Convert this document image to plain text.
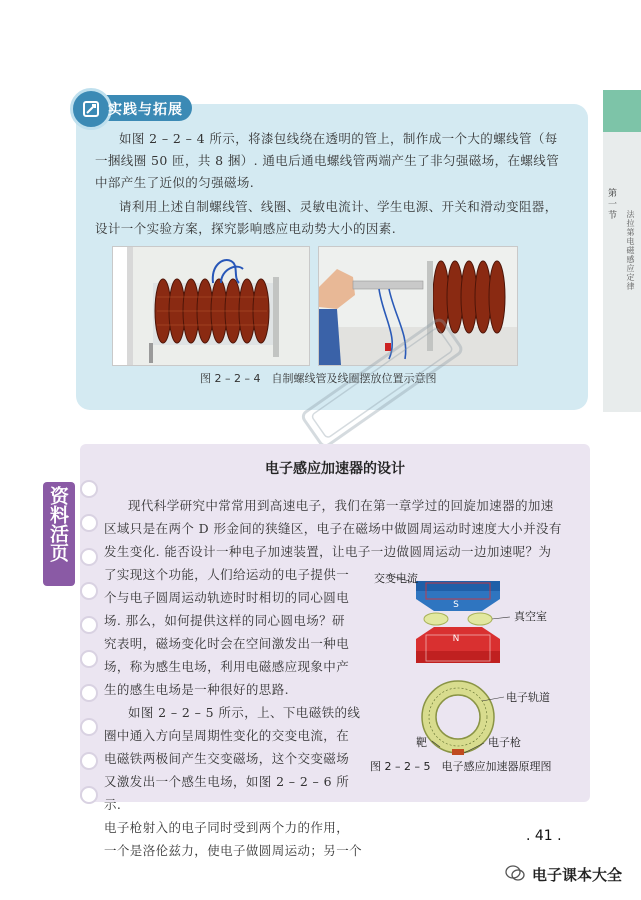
第一节
法拉第电磁感应定律
实践与拓展
如图 2 – 2 – 4 所示，将漆包线绕在透明的管上，制作成一个大的螺线管（每
一捆线圈 50 匝，共 8 捆）. 通电后通电螺线管两端产生了非匀强磁场，在螺线管
中部产生了近似的匀强磁场.
请利用上述自制螺线管、线圈、灵敏电流计、学生电源、开关和滑动变阻器，
设计一个实验方案，探究影响感应电动势大小的因素.
图 2 – 2 – 4　自制螺线管及线圈摆放位置示意图
资料活页
电子感应加速器的设计
现代科学研究中常常用到高速电子，我们在第一章学过的回旋加速器的加速
区域只是在两个 D 形金间的狭缝区，电子在磁场中做圆周运动时速度大小并没有
发生变化. 能否设计一种电子加速装置，让电子一边做圆周运动一边加速呢？为
了实现这个功能，人们给运动的电子提供一
个与电子圆周运动轨迹时时相切的同心圆电
场. 那么，如何提供这样的同心圆电场？研
究表明，磁场变化时会在空间激发出一种电
场，称为感生电场，利用电磁感应现象中产
生的感生电场是一种很好的思路.
如图 2 – 2 – 5 所示，上、下电磁铁的线
圈中通入方向呈周期性变化的交变电流，在
电磁铁两极间产生交变磁场，这个交变磁场
又激发出一个感生电场，如图 2 – 2 – 6 所示.
电子枪射入的电子同时受到两个力的作用，
一个是洛伦兹力，使电子做圆周运动；另一个
S
N
交变电流
真空室
电子轨道
靶	电子枪
图 2 – 2 – 5　电子感应加速器原理图
. 41 .
电子课本大全
